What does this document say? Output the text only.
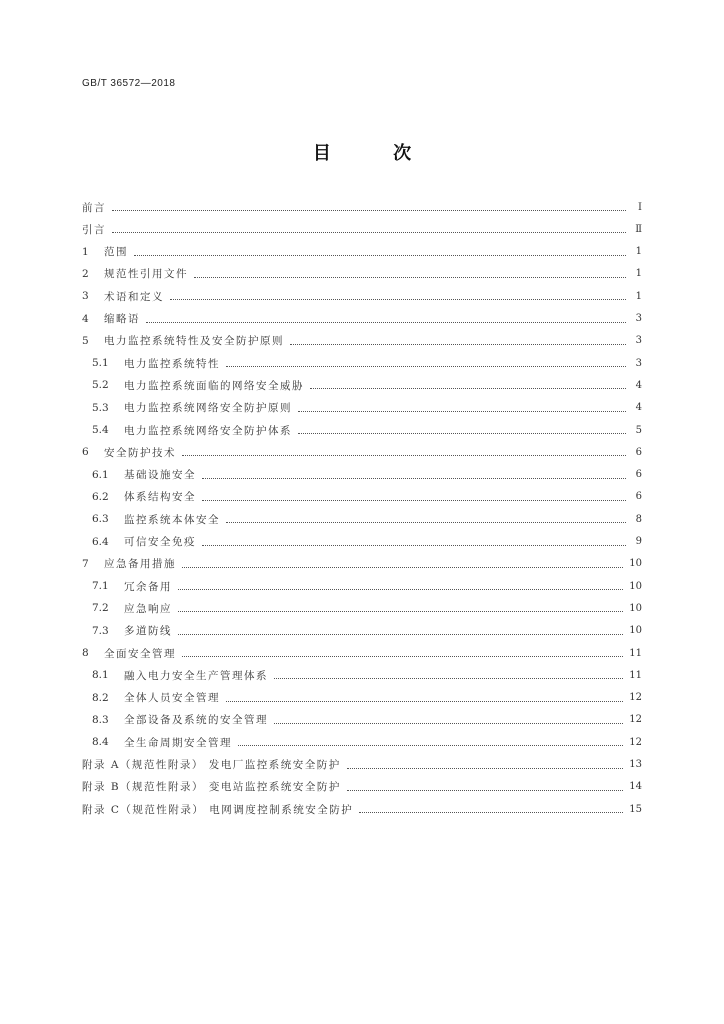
GB/T 36572—2018
目 次
前言	Ⅰ
引言	Ⅱ
1	范围	1
2	规范性引用文件	1
3	术语和定义	1
4	缩略语	3
5	电力监控系统特性及安全防护原则	3
5.1	电力监控系统特性	3
5.2	电力监控系统面临的网络安全威胁	4
5.3	电力监控系统网络安全防护原则	4
5.4	电力监控系统网络安全防护体系	5
6	安全防护技术	6
6.1	基础设施安全	6
6.2	体系结构安全	6
6.3	监控系统本体安全	8
6.4	可信安全免疫	9
7	应急备用措施	10
7.1	冗余备用	10
7.2	应急响应	10
7.3	多道防线	10
8	全面安全管理	11
8.1	融入电力安全生产管理体系	11
8.2	全体人员安全管理	12
8.3	全部设备及系统的安全管理	12
8.4	全生命周期安全管理	12
附录 A（规范性附录） 发电厂监控系统安全防护	13
附录 B（规范性附录） 变电站监控系统安全防护	14
附录 C（规范性附录） 电网调度控制系统安全防护	15
